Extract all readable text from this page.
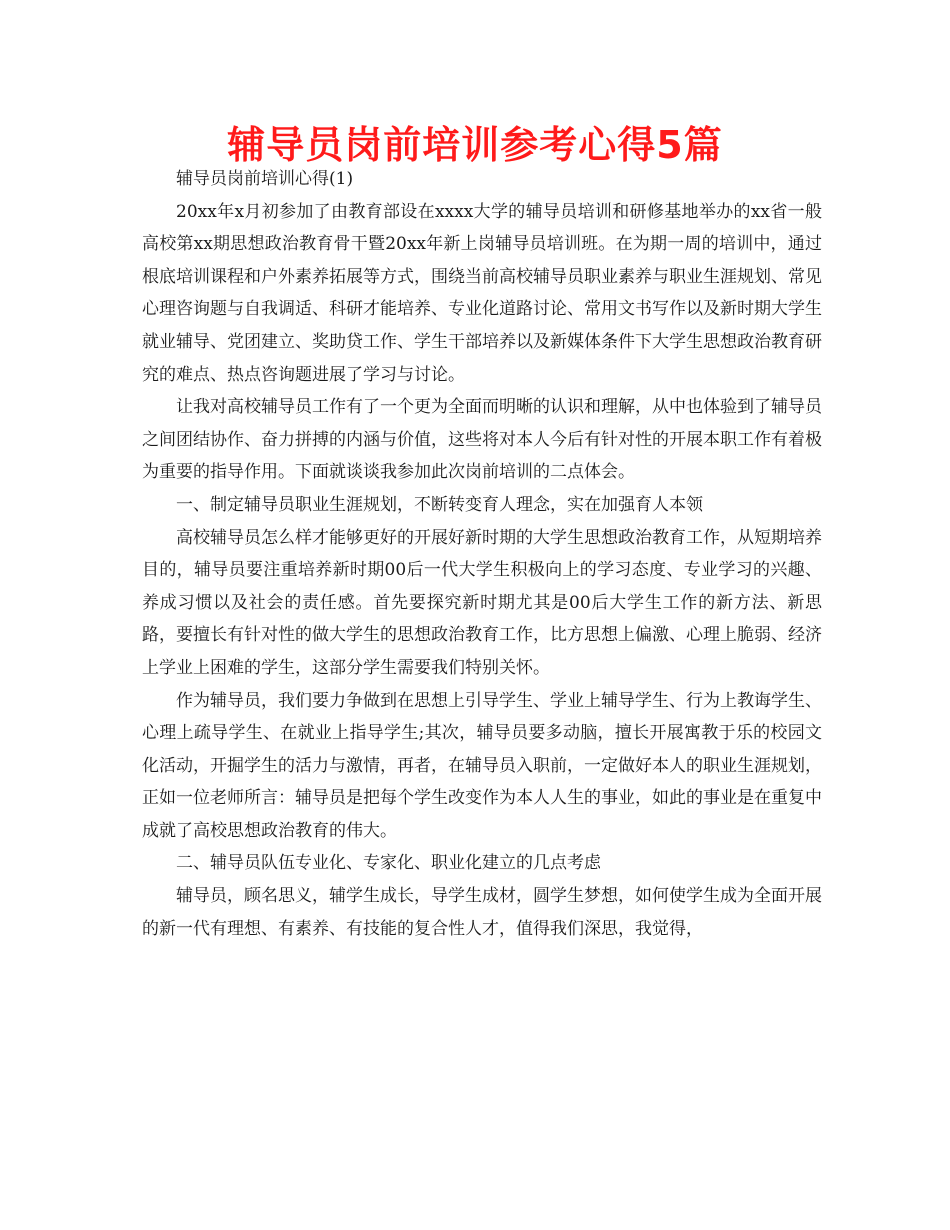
辅导员岗前培训参考心得5篇

辅导员岗前培训心得(1)

20xx年x月初参加了由教育部设在xxxx大学的辅导员培训和研修基地举办的xx省一般高校第xx期思想政治教育骨干暨20xx年新上岗辅导员培训班。在为期一周的培训中，通过根底培训课程和户外素养拓展等方式，围绕当前高校辅导员职业素养与职业生涯规划、常见心理咨询题与自我调适、科研才能培养、专业化道路讨论、常用文书写作以及新时期大学生就业辅导、党团建立、奖助贷工作、学生干部培养以及新媒体条件下大学生思想政治教育研究的难点、热点咨询题进展了学习与讨论。

让我对高校辅导员工作有了一个更为全面而明晰的认识和理解，从中也体验到了辅导员之间团结协作、奋力拼搏的内涵与价值，这些将对本人今后有针对性的开展本职工作有着极为重要的指导作用。下面就谈谈我参加此次岗前培训的二点体会。

一、制定辅导员职业生涯规划，不断转变育人理念，实在加强育人本领

高校辅导员怎么样才能够更好的开展好新时期的大学生思想政治教育工作，从短期培养目的，辅导员要注重培养新时期00后一代大学生积极向上的学习态度、专业学习的兴趣、养成习惯以及社会的责任感。首先要探究新时期尤其是00后大学生工作的新方法、新思路，要擅长有针对性的做大学生的思想政治教育工作，比方思想上偏激、心理上脆弱、经济上学业上困难的学生，这部分学生需要我们特别关怀。

作为辅导员，我们要力争做到在思想上引导学生、学业上辅导学生、行为上教诲学生、心理上疏导学生、在就业上指导学生;其次，辅导员要多动脑，擅长开展寓教于乐的校园文化活动，开掘学生的活力与激情，再者，在辅导员入职前，一定做好本人的职业生涯规划，正如一位老师所言：辅导员是把每个学生改变作为本人人生的事业，如此的事业是在重复中成就了高校思想政治教育的伟大。

二、辅导员队伍专业化、专家化、职业化建立的几点考虑

辅导员，顾名思义，辅学生成长，导学生成材，圆学生梦想，如何使学生成为全面开展的新一代有理想、有素养、有技能的复合性人才，值得我们深思，我觉得，
